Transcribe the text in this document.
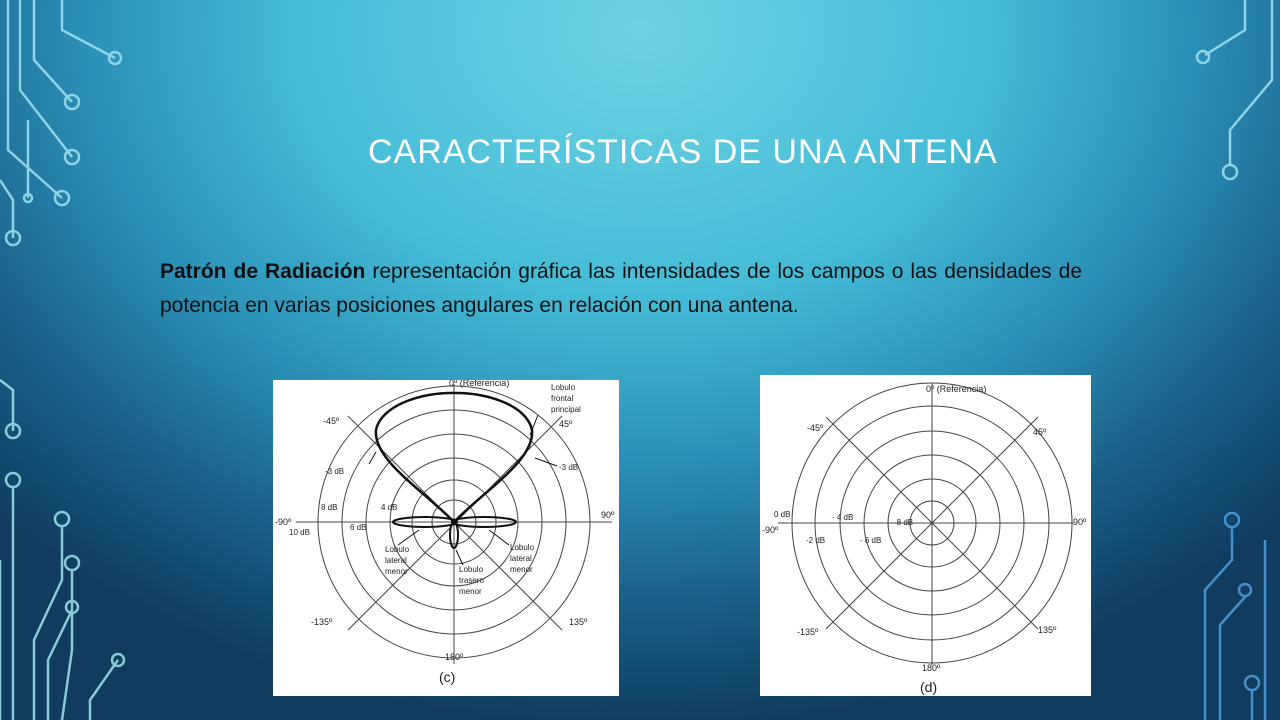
CARACTERÍSTICAS DE UNA ANTENA

Patrón de Radiación representación gráfica las intensidades de los campos o las densidades de potencia en varias posiciones angulares en relación con una antena.

0º (Referencia)
-45º	45º
-90º
90º
-135º	135º
180º
-3 dB	-3 dB
8 dB	4 dB
10 dB
6 dB
Lobulo
frontal
principal
Lobulo
lateral
menor
Lobulo
lateral
menor
Lobulo
trasero
menor
(c)
0º (Referencia)
-45º	45º
-90º
90º
-135º	135º
180º
0 dB
-2 dB
- 4 dB
- 6 dB
-8 dB
(d)
